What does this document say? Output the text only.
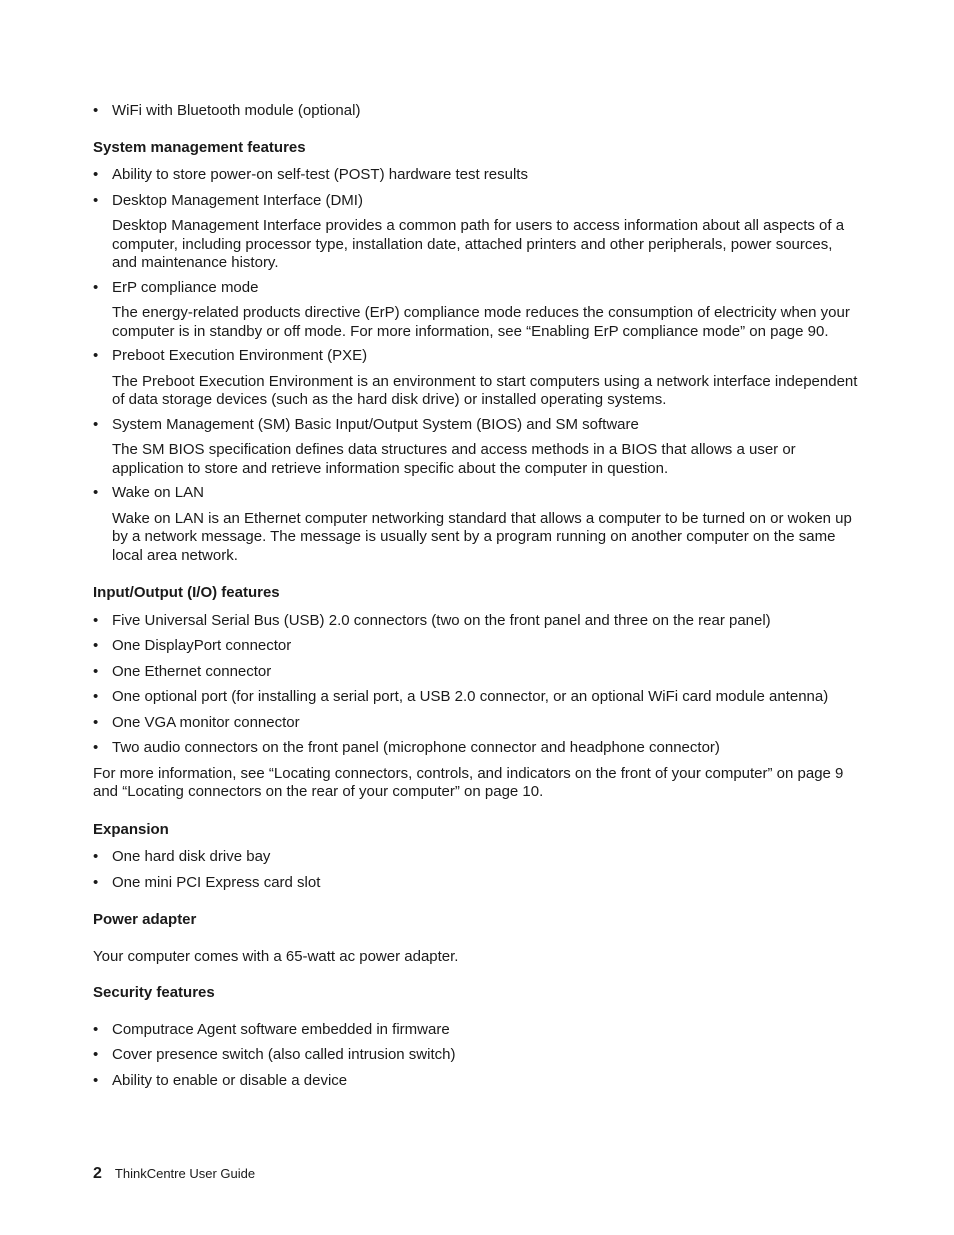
• WiFi with Bluetooth module (optional)
System management features
• Ability to store power-on self-test (POST) hardware test results
• Desktop Management Interface (DMI)

Desktop Management Interface provides a common path for users to access information about all aspects of a computer, including processor type, installation date, attached printers and other peripherals, power sources, and maintenance history.

• ErP compliance mode

The energy-related products directive (ErP) compliance mode reduces the consumption of electricity when your computer is in standby or off mode. For more information, see “Enabling ErP compliance mode” on page 90.

• Preboot Execution Environment (PXE)

The Preboot Execution Environment is an environment to start computers using a network interface independent of data storage devices (such as the hard disk drive) or installed operating systems.

• System Management (SM) Basic Input/Output System (BIOS) and SM software

The SM BIOS specification defines data structures and access methods in a BIOS that allows a user or application to store and retrieve information specific about the computer in question.

• Wake on LAN

Wake on LAN is an Ethernet computer networking standard that allows a computer to be turned on or woken up by a network message. The message is usually sent by a program running on another computer on the same local area network.

Input/Output (I/O) features
• Five Universal Serial Bus (USB) 2.0 connectors (two on the front panel and three on the rear panel)
• One DisplayPort connector
• One Ethernet connector
• One optional port (for installing a serial port, a USB 2.0 connector, or an optional WiFi card module antenna)
• One VGA monitor connector
• Two audio connectors on the front panel (microphone connector and headphone connector)

For more information, see “Locating connectors, controls, and indicators on the front of your computer” on page 9 and “Locating connectors on the rear of your computer” on page 10.

Expansion
• One hard disk drive bay
• One mini PCI Express card slot
Power adapter

Your computer comes with a 65-watt ac power adapter.

Security features
• Computrace Agent software embedded in firmware
• Cover presence switch (also called intrusion switch)
• Ability to enable or disable a device
2 ThinkCentre User Guide
